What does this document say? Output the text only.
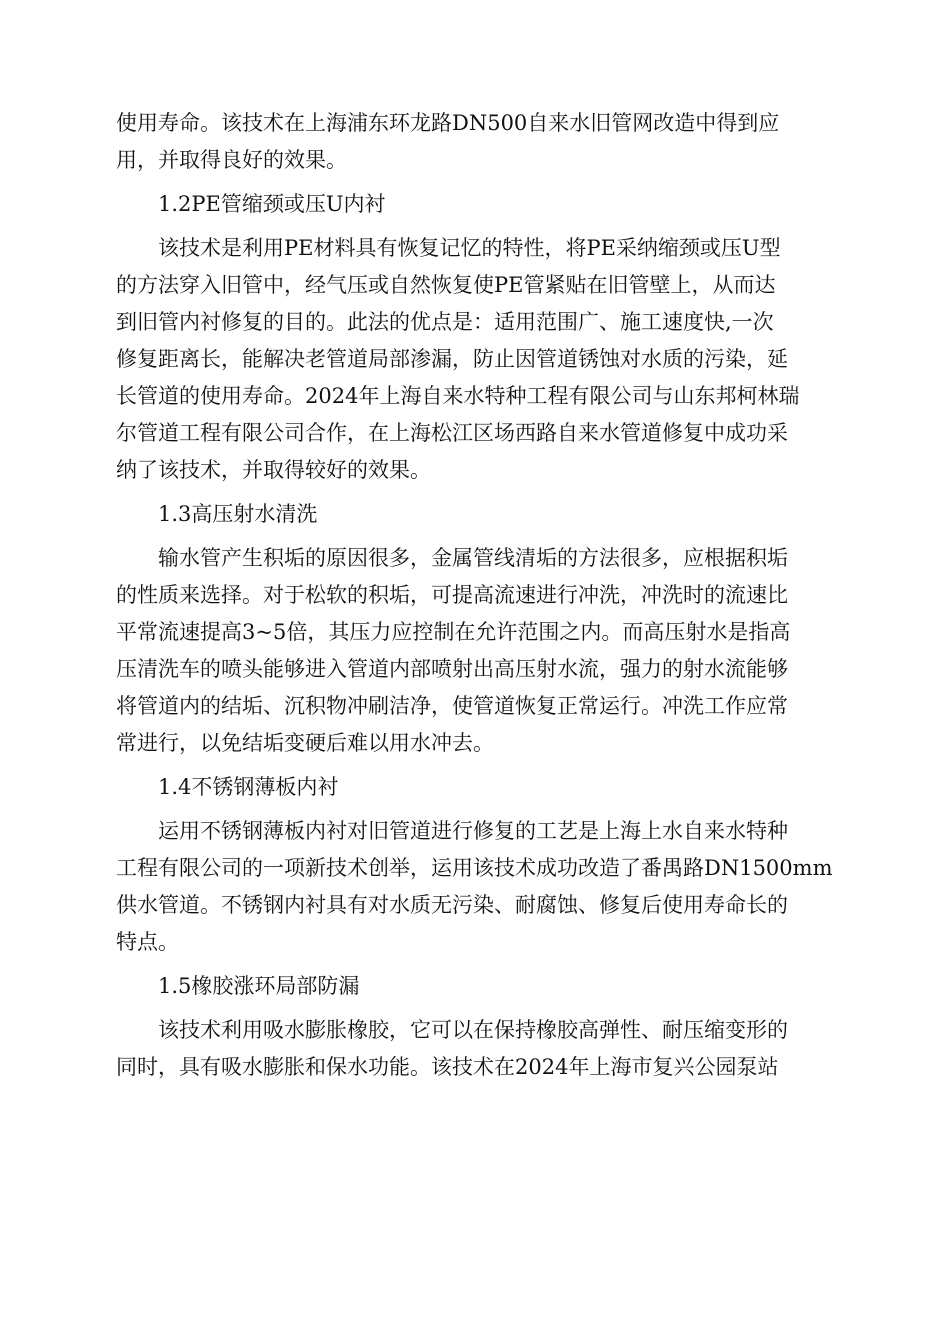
使用寿命。该技术在上海浦东环龙路DN500自来水旧管网改造中得到应
用，并取得良好的效果。
1.2PE管缩颈或压U内衬
该技术是利用PE材料具有恢复记忆的特性，将PE采纳缩颈或压U型
的方法穿入旧管中，经气压或自然恢复使PE管紧贴在旧管壁上，从而达
到旧管内衬修复的目的。此法的优点是：适用范围广、施工速度快,一次
修复距离长，能解决老管道局部渗漏，防止因管道锈蚀对水质的污染，延
长管道的使用寿命。2024年上海自来水特种工程有限公司与山东邦柯林瑞
尔管道工程有限公司合作，在上海松江区场西路自来水管道修复中成功采
纳了该技术，并取得较好的效果。
1.3高压射水清洗
输水管产生积垢的原因很多，金属管线清垢的方法很多，应根据积垢
的性质来选择。对于松软的积垢，可提高流速进行冲洗，冲洗时的流速比
平常流速提高3~5倍，其压力应控制在允许范围之内。而高压射水是指高
压清洗车的喷头能够进入管道内部喷射出高压射水流，强力的射水流能够
将管道内的结垢、沉积物冲刷洁净，使管道恢复正常运行。冲洗工作应常
常进行，以免结垢变硬后难以用水冲去。
1.4不锈钢薄板内衬
运用不锈钢薄板内衬对旧管道进行修复的工艺是上海上水自来水特种
工程有限公司的一项新技术创举，运用该技术成功改造了番禺路DN1500mm
供水管道。不锈钢内衬具有对水质无污染、耐腐蚀、修复后使用寿命长的
特点。
1.5橡胶涨环局部防漏
该技术利用吸水膨胀橡胶，它可以在保持橡胶高弹性、耐压缩变形的
同时，具有吸水膨胀和保水功能。该技术在2024年上海市复兴公园泵站
